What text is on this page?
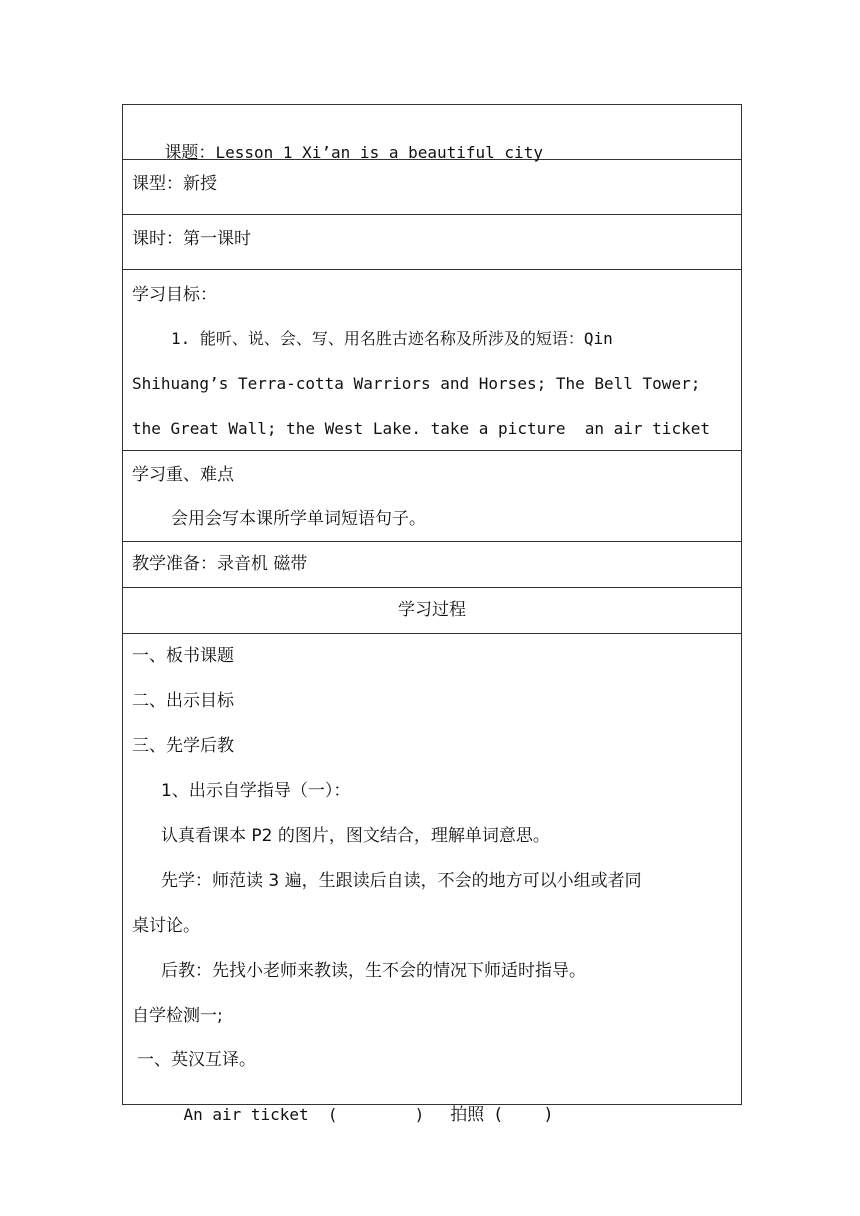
课题：Lesson 1 Xi’an is a beautiful city

课型：新授
课时：第一课时
学习目标：
1. 能听、说、会、写、用名胜古迹名称及所涉及的短语：Qin
Shihuang’s Terra-cotta Warriors and Horses; The Bell Tower;
the Great Wall; the West Lake. take a picture  an air ticket
学习重、难点
会用会写本课所学单词短语句子。
教学准备：录音机 磁带
学习过程
一、板书课题
二、出示目标
三、先学后教
1、出示自学指导（一）：
认真看课本 P2 的图片，图文结合，理解单词意思。
先学：师范读 3 遍，生跟读后自读，不会的地方可以小组或者同
桌讨论。
后教：先找小老师来教读，生不会的情况下师适时指导。
自学检测一;
一、英汉互译。

An air ticket  (        ) 拍照  (        )
